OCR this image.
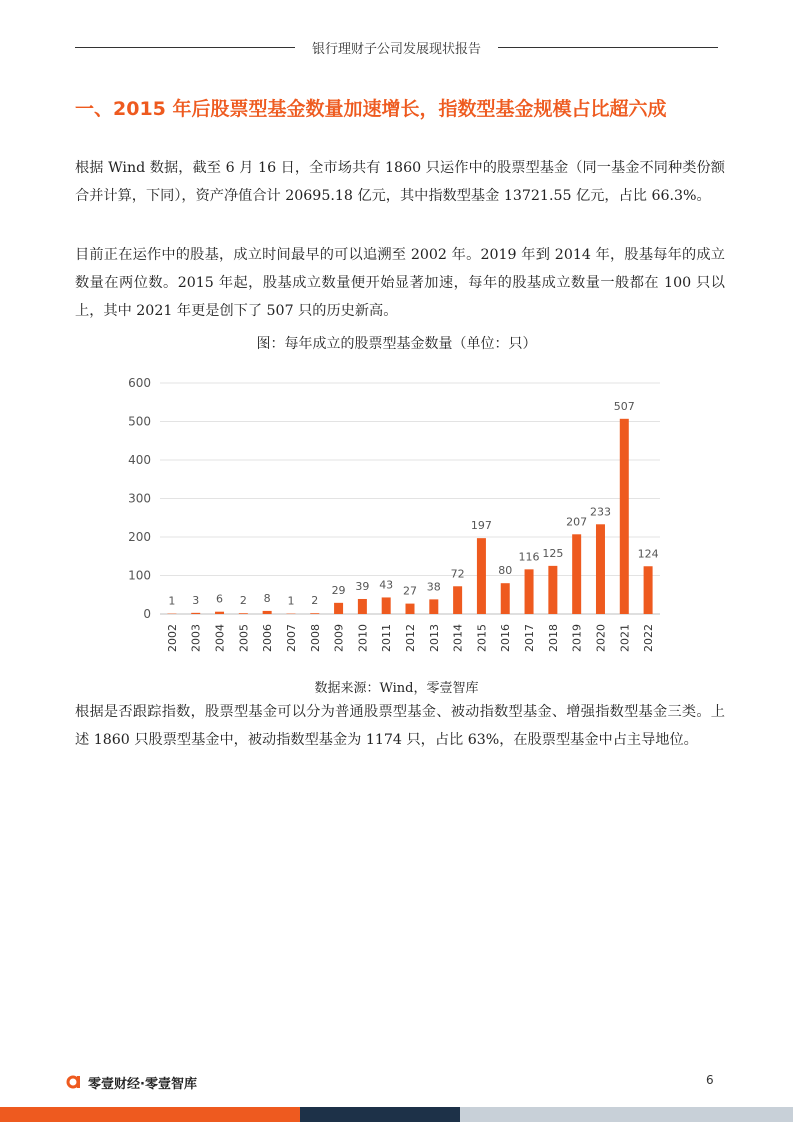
银行理财子公司发展现状报告
一、2015 年后股票型基金数量加速增长，指数型基金规模占比超六成
根据 Wind 数据，截至 6 月 16 日，全市场共有 1860 只运作中的股票型基金（同一基金不同种类份额合并计算，下同），资产净值合计 20695.18 亿元，其中指数型基金 13721.55 亿元，占比 66.3%。
目前正在运作中的股基，成立时间最早的可以追溯至 2002 年。2019 年到 2014 年，股基每年的成立数量在两位数。2015 年起，股基成立数量便开始显著加速，每年的股基成立数量一般都在 100 只以上，其中 2021 年更是创下了 507 只的历史新高。
图：每年成立的股票型基金数量（单位：只）
0
100
200
300
400
500
600
1
2002
3
2003
6
2004
2
2005
8
2006
1
2007
2
2008
29
2009
39
2010
43
2011
27
2012
38
2013
72
2014
197
2015
80
2016
116
2017
125
2018
207
2019
233
2020
507
2021
124
2022
数据来源：Wind，零壹智库
根据是否跟踪指数，股票型基金可以分为普通股票型基金、被动指数型基金、增强指数型基金三类。上述 1860 只股票型基金中，被动指数型基金为 1174 只，占比 63%，在股票型基金中占主导地位。
零壹财经·零壹智库	6
